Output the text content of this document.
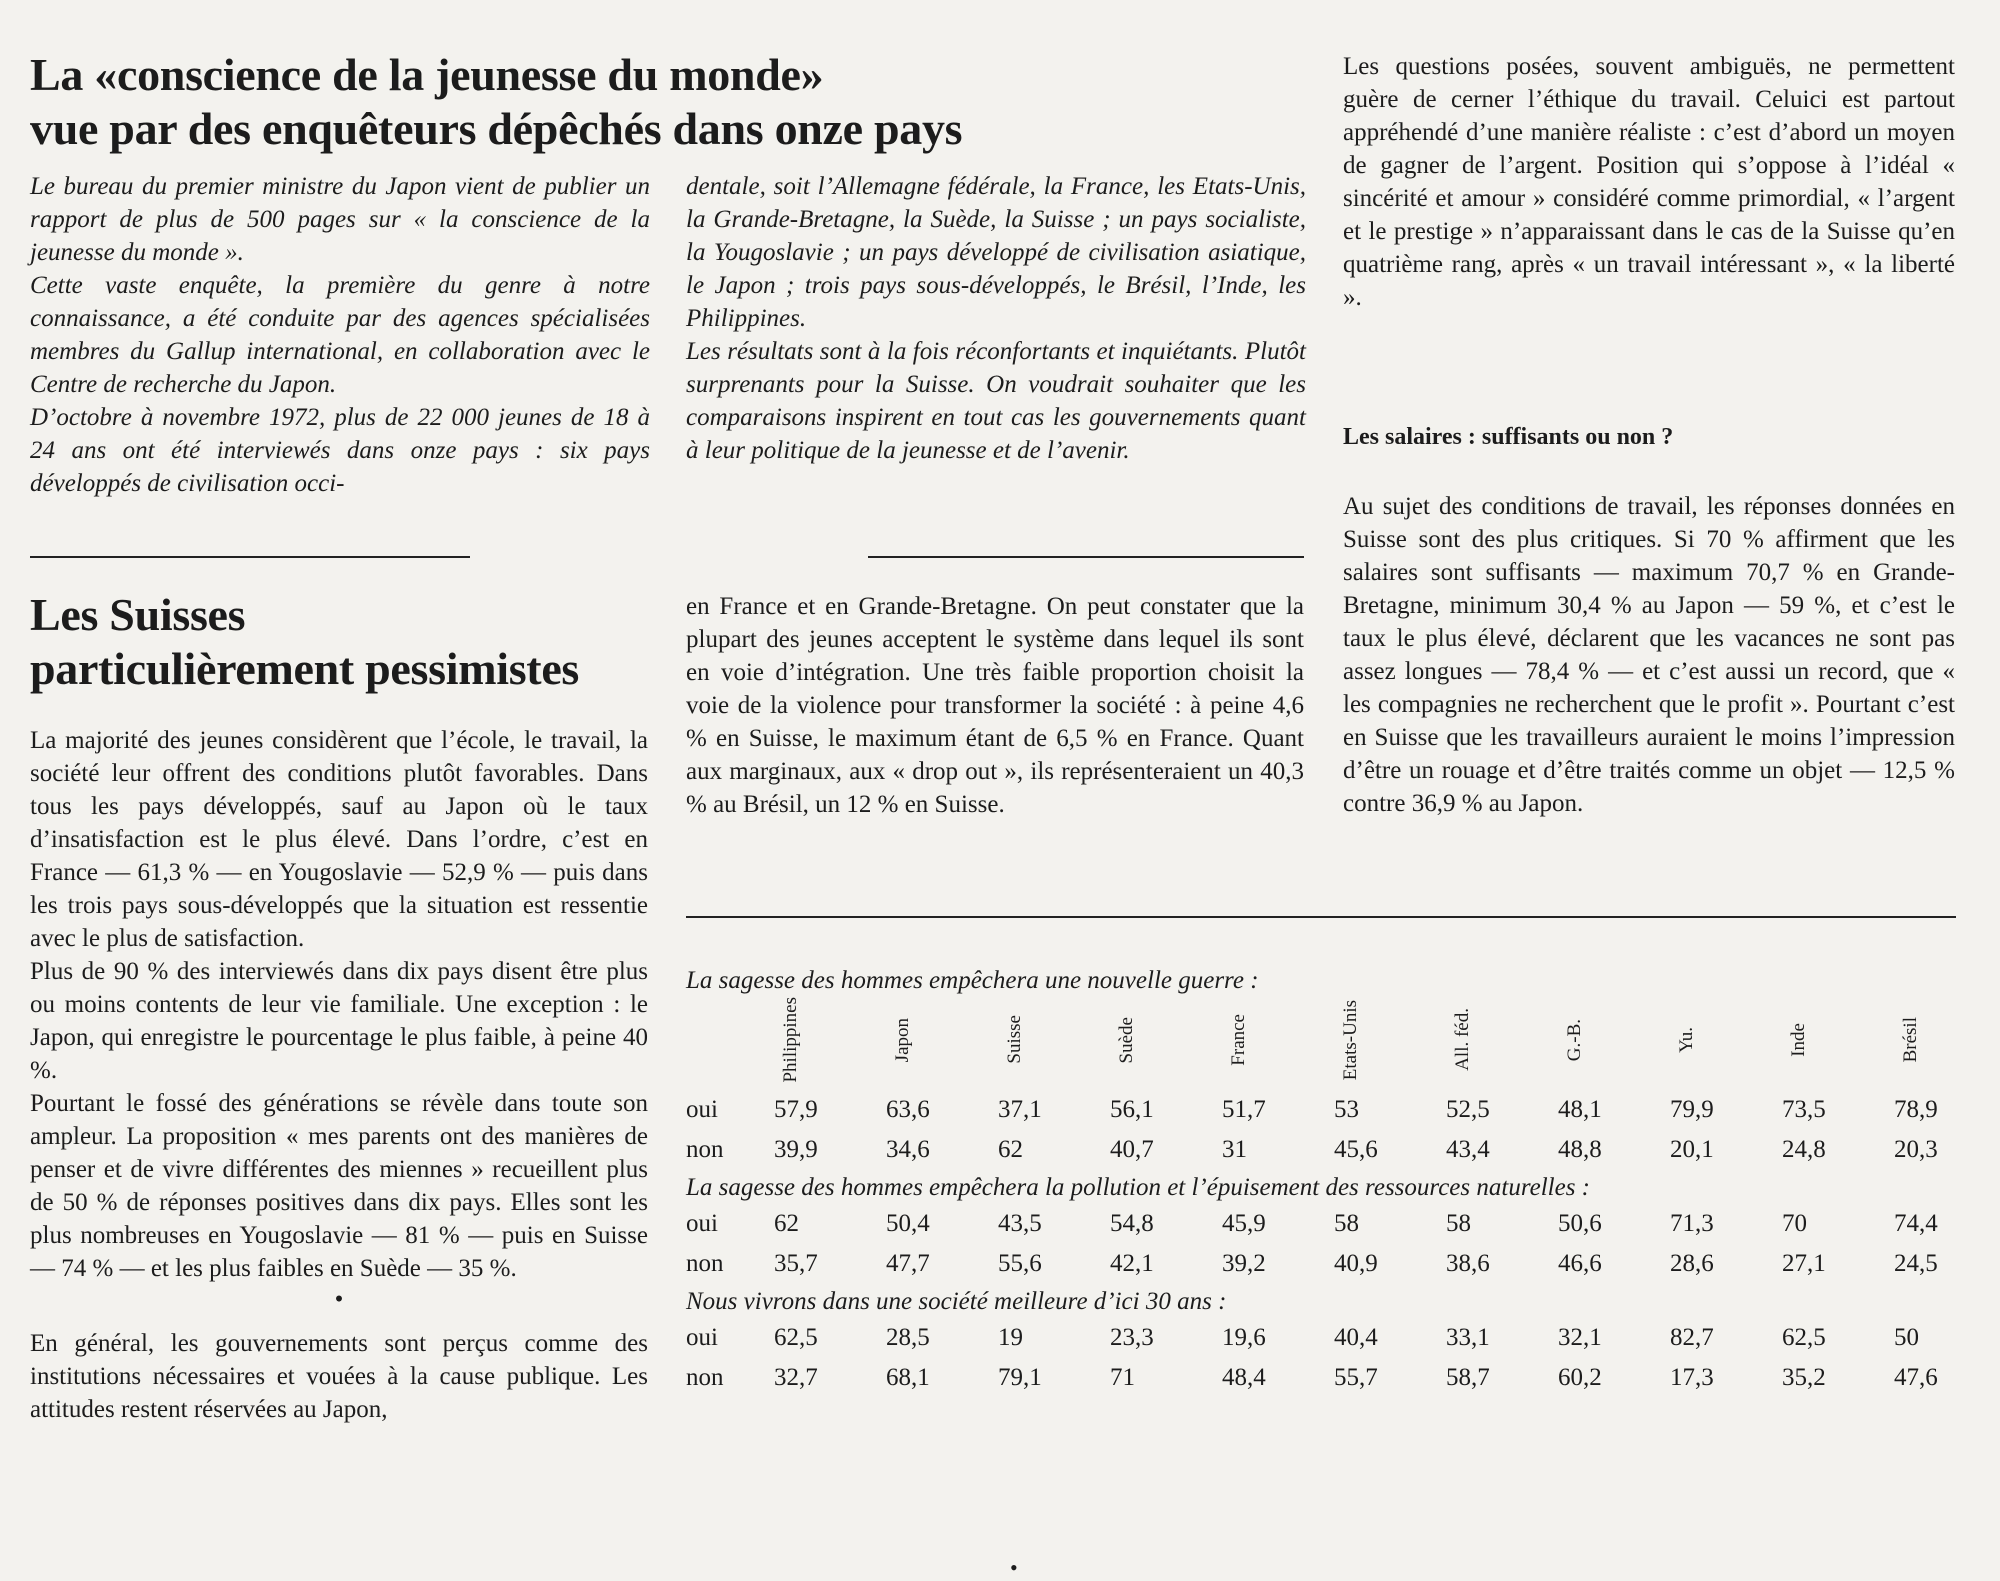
La «conscience de la jeunesse du monde»
vue par des enquêteurs dépêchés dans onze pays

Le bureau du premier ministre du Japon vient de publier un rapport de plus de 500 pages sur « la conscience de la jeunesse du monde ».

Cette vaste enquête, la première du genre à notre connaissance, a été conduite par des agences spécialisées membres du Gallup international, en collaboration avec le Centre de recherche du Japon.

D’octobre à novembre 1972, plus de 22 000 jeunes de 18 à 24 ans ont été interviewés dans onze pays : six pays développés de civilisation occi-

dentale, soit l’Allemagne fédérale, la France, les Etats-Unis, la Grande-Bretagne, la Suède, la Suisse ; un pays socialiste, la Yougoslavie ; un pays développé de civilisation asiatique, le Japon ; trois pays sous-développés, le Brésil, l’Inde, les Philippines.

Les résultats sont à la fois réconfortants et inquiétants. Plutôt surprenants pour la Suisse. On voudrait souhaiter que les comparaisons inspirent en tout cas les gouvernements quant à leur politique de la jeunesse et de l’avenir.

Les questions posées, souvent ambiguës, ne permettent guère de cerner l’éthique du travail. Celuici est partout appréhendé d’une manière réaliste : c’est d’abord un moyen de gagner de l’argent. Position qui s’oppose à l’idéal « sincérité et amour » considéré comme primordial, « l’argent et le prestige » n’apparaissant dans le cas de la Suisse qu’en quatrième rang, après « un travail intéressant », « la liberté ».

Les Suisses
particulièrement pessimistes

La majorité des jeunes considèrent que l’école, le travail, la société leur offrent des conditions plutôt favorables. Dans tous les pays développés, sauf au Japon où le taux d’insatisfaction est le plus élevé. Dans l’ordre, c’est en France — 61,3 % — en Yougoslavie — 52,9 % — puis dans les trois pays sous-développés que la situation est ressentie avec le plus de satisfaction.

Plus de 90 % des interviewés dans dix pays disent être plus ou moins contents de leur vie familiale. Une exception : le Japon, qui enregistre le pourcentage le plus faible, à peine 40 %.

Pourtant le fossé des générations se révèle dans toute son ampleur. La proposition « mes parents ont des manières de penser et de vivre différentes des miennes » recueillent plus de 50 % de réponses positives dans dix pays. Elles sont les plus nombreuses en Yougoslavie — 81 % — puis en Suisse — 74 % — et les plus faibles en Suède — 35 %.

•

En général, les gouvernements sont perçus comme des institutions nécessaires et vouées à la cause publique. Les attitudes restent réservées au Japon,

en France et en Grande-Bretagne. On peut constater que la plupart des jeunes acceptent le système dans lequel ils sont en voie d’intégration. Une très faible proportion choisit la voie de la violence pour transformer la société : à peine 4,6 % en Suisse, le maximum étant de 6,5 % en France. Quant aux marginaux, aux « drop out », ils représenteraient un 40,3 % au Brésil, un 12 % en Suisse.

Les salaires : suffisants ou non ?

Au sujet des conditions de travail, les réponses données en Suisse sont des plus critiques. Si 70 % affirment que les salaires sont suffisants — maximum 70,7 % en Grande-Bretagne, minimum 30,4 % au Japon — 59 %, et c’est le taux le plus élevé, déclarent que les vacances ne sont pas assez longues — 78,4 % — et c’est aussi un record, que « les compagnies ne recherchent que le profit ». Pourtant c’est en Suisse que les travailleurs auraient le moins l’impression d’être un rouage et d’être traités comme un objet — 12,5 % contre 36,9 % au Japon.

La sagesse des hommes empêchera une nouvelle guerre :
	Philippines	Japon	Suisse	Suède	France	Etats-Unis	All. féd.	G.-B.	Yu.	Inde	Brésil
oui	57,9	63,6	37,1	56,1	51,7	53	52,5	48,1	79,9	73,5	78,9
non	39,9	34,6	62	40,7	31	45,6	43,4	48,8	20,1	24,8	20,3
La sagesse des hommes empêchera la pollution et l’épuisement des ressources naturelles :
oui	62	50,4	43,5	54,8	45,9	58	58	50,6	71,3	70	74,4
non	35,7	47,7	55,6	42,1	39,2	40,9	38,6	46,6	28,6	27,1	24,5
Nous vivrons dans une société meilleure d’ici 30 ans :
oui	62,5	28,5	19	23,3	19,6	40,4	33,1	32,1	82,7	62,5	50
non	32,7	68,1	79,1	71	48,4	55,7	58,7	60,2	17,3	35,2	47,6
•
